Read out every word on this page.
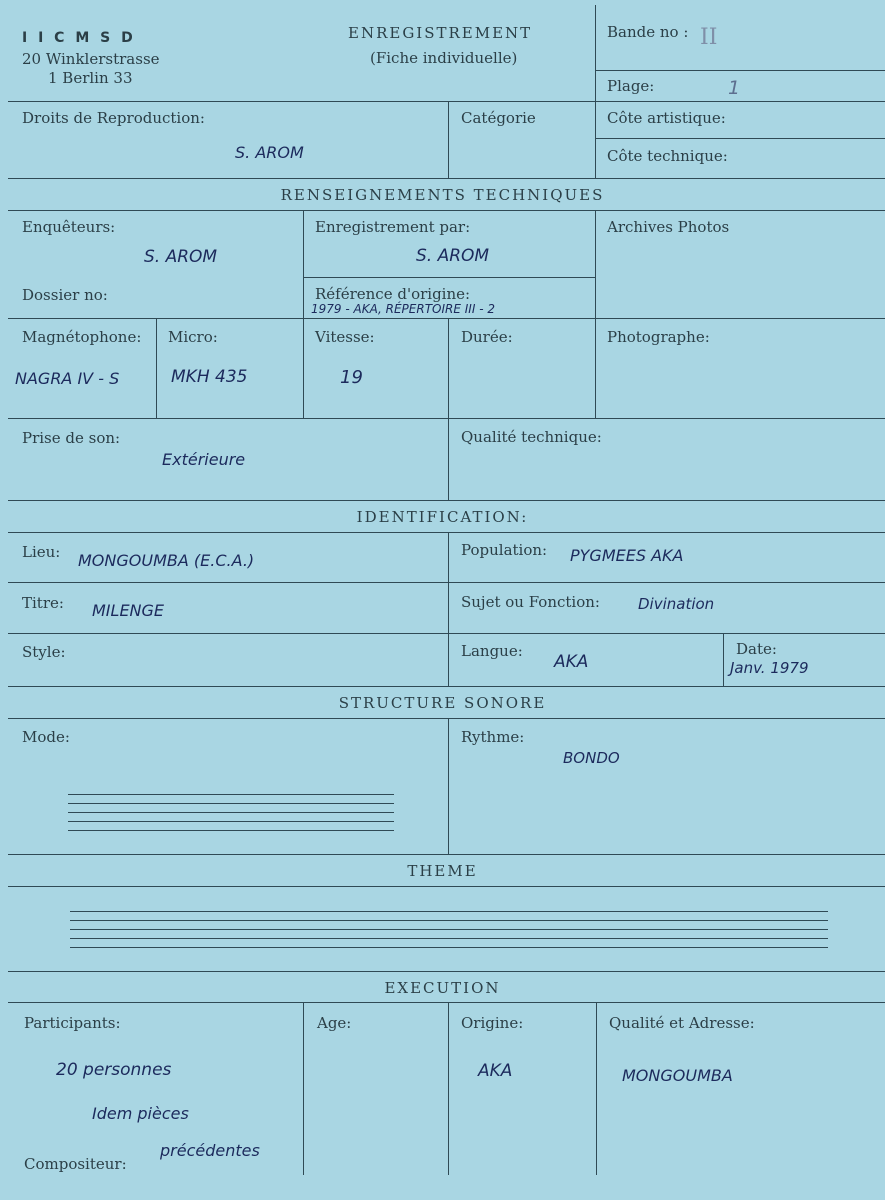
I I C M S D
20 Winklerstrasse
1 Berlin 33
ENREGISTREMENT
(Fiche individuelle)
Bande no : II
Plage:	1
Droits de Reproduction:
S. AROM
Catégorie	Côte artistique:
Côte technique:
RENSEIGNEMENTS TECHNIQUES
Enquêteurs:
S. AROM
Enregistrement par:
S. AROM
Archives Photos
Dossier no:	Référence d'origine:
1979 - AKA, RÉPERTOIRE III - 2
Magnétophone:
NAGRA IV - S
Micro:
MKH 435
Vitesse:
19
Durée:	Photographe:
Prise de son:
Extérieure
Qualité technique:
IDENTIFICATION:
Lieu: MONGOUMBA (E.C.A.)
Population: PYGMEES AKA
Titre: MILENGE	Sujet ou Fonction:	Divination
Style:	Langue:
AKA
Date:
Janv. 1979
STRUCTURE SONORE
Mode:	Rythme:
BONDO
THEME
EXECUTION
Participants:
20 personnes
Idem pièces
précédentes
Compositeur:
Age:	Origine:
AKA
Qualité et Adresse:
MONGOUMBA
